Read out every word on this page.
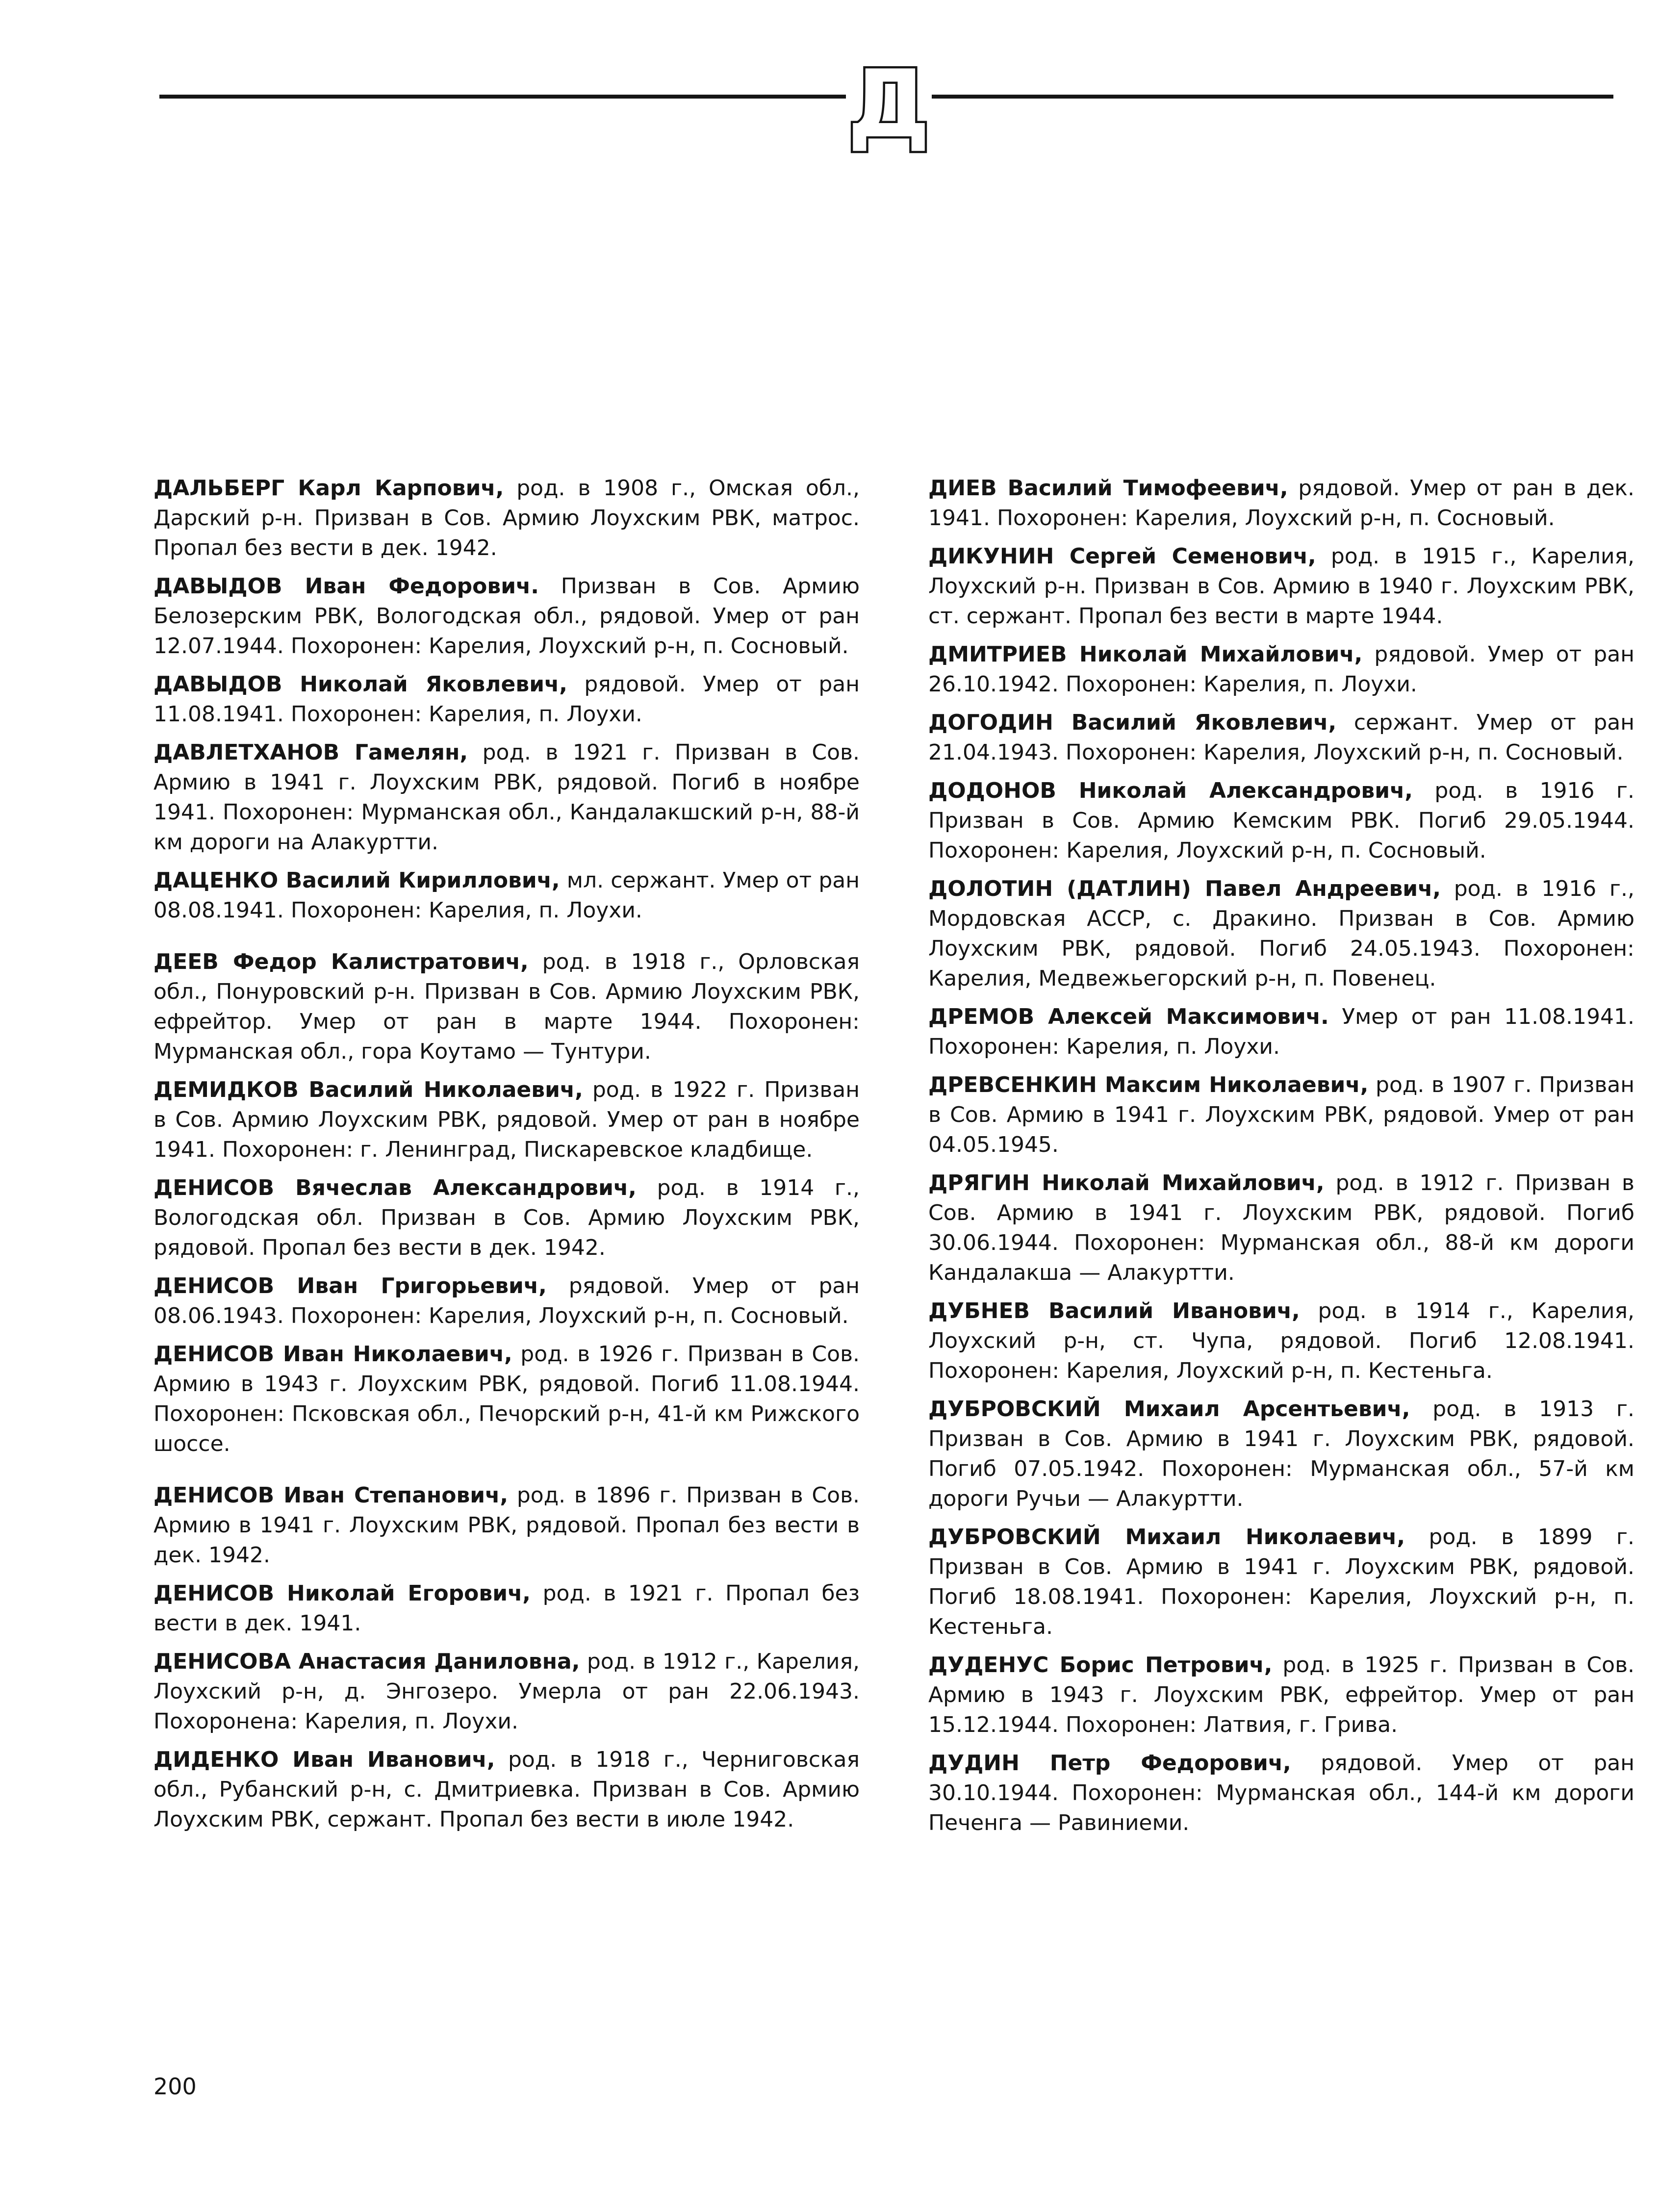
Д

ДАЛЬБЕРГ Карл Карпович, род. в 1908 г., Омская обл., Дарский р-н. Призван в Сов. Армию Лоухским РВК, матрос. Пропал без вести в дек. 1942.

ДАВЫДОВ Иван Федорович. Призван в Сов. Армию Белозерским РВК, Вологодская обл., рядовой. Умер от ран 12.07.1944. Похоронен: Карелия, Лоухский р-н, п. Сосновый.

ДАВЫДОВ Николай Яковлевич, рядовой. Умер от ран 11.08.1941. Похоронен: Карелия, п. Лоухи.

ДАВЛЕТХАНОВ Гамелян, род. в 1921 г. Призван в Сов. Армию в 1941 г. Лоухским РВК, рядовой. Погиб в ноябре 1941. Похоронен: Мурманская обл., Кандалакшский р-н, 88-й км дороги на Алакуртти.

ДАЦЕНКО Василий Кириллович, мл. сержант. Умер от ран 08.08.1941. Похоронен: Карелия, п. Лоухи.

ДЕЕВ Федор Калистратович, род. в 1918 г., Орловская обл., Понуровский р-н. Призван в Сов. Армию Лоухским РВК, ефрейтор. Умер от ран в марте 1944. Похоронен: Мурманская обл., гора Коутамо — Тунтури.

ДЕМИДКОВ Василий Николаевич, род. в 1922 г. Призван в Сов. Армию Лоухским РВК, рядовой. Умер от ран в ноябре 1941. Похоронен: г. Ленинград, Пискаревское кладбище.

ДЕНИСОВ Вячеслав Александрович, род. в 1914 г., Вологодская обл. Призван в Сов. Армию Лоухским РВК, рядовой. Пропал без вести в дек. 1942.

ДЕНИСОВ Иван Григорьевич, рядовой. Умер от ран 08.06.1943. Похоронен: Карелия, Лоухский р-н, п. Сосновый.

ДЕНИСОВ Иван Николаевич, род. в 1926 г. Призван в Сов. Армию в 1943 г. Лоухским РВК, рядовой. Погиб 11.08.1944. Похоронен: Псковская обл., Печорский р-н, 41-й км Рижского шоссе.

ДЕНИСОВ Иван Степанович, род. в 1896 г. Призван в Сов. Армию в 1941 г. Лоухским РВК, рядовой. Пропал без вести в дек. 1942.

ДЕНИСОВ Николай Егорович, род. в 1921 г. Пропал без вести в дек. 1941.

ДЕНИСОВА Анастасия Даниловна, род. в 1912 г., Карелия, Лоухский р-н, д. Энгозеро. Умерла от ран 22.06.1943. Похоронена: Карелия, п. Лоухи.

ДИДЕНКО Иван Иванович, род. в 1918 г., Черниговская обл., Рубанский р-н, с. Дмитриевка. Призван в Сов. Армию Лоухским РВК, сержант. Пропал без вести в июле 1942.

ДИЕВ Василий Тимофеевич, рядовой. Умер от ран в дек. 1941. Похоронен: Карелия, Лоухский р-н, п. Сосновый.

ДИКУНИН Сергей Семенович, род. в 1915 г., Карелия, Лоухский р-н. Призван в Сов. Армию в 1940 г. Лоухским РВК, ст. сержант. Пропал без вести в марте 1944.

ДМИТРИЕВ Николай Михайлович, рядовой. Умер от ран 26.10.1942. Похоронен: Карелия, п. Лоухи.

ДОГОДИН Василий Яковлевич, сержант. Умер от ран 21.04.1943. Похоронен: Карелия, Лоухский р-н, п. Сосновый.

ДОДОНОВ Николай Александрович, род. в 1916 г. Призван в Сов. Армию Кемским РВК. Погиб 29.05.1944. Похоронен: Карелия, Лоухский р-н, п. Сосновый.

ДОЛОТИН (ДАТЛИН) Павел Андреевич, род. в 1916 г., Мордовская АССР, с. Дракино. Призван в Сов. Армию Лоухским РВК, рядовой. Погиб 24.05.1943. Похоронен: Карелия, Медвежьегорский р-н, п. Повенец.

ДРЕМОВ Алексей Максимович. Умер от ран 11.08.1941. Похоронен: Карелия, п. Лоухи.

ДРЕВСЕНКИН Максим Николаевич, род. в 1907 г. Призван в Сов. Армию в 1941 г. Лоухским РВК, рядовой. Умер от ран 04.05.1945.

ДРЯГИН Николай Михайлович, род. в 1912 г. Призван в Сов. Армию в 1941 г. Лоухским РВК, рядовой. Погиб 30.06.1944. Похоронен: Мурманская обл., 88-й км дороги Кандалакша — Алакуртти.

ДУБНЕВ Василий Иванович, род. в 1914 г., Карелия, Лоухский р-н, ст. Чупа, рядовой. Погиб 12.08.1941. Похоронен: Карелия, Лоухский р-н, п. Кестеньга.

ДУБРОВСКИЙ Михаил Арсентьевич, род. в 1913 г. Призван в Сов. Армию в 1941 г. Лоухским РВК, рядовой. Погиб 07.05.1942. Похоронен: Мурманская обл., 57-й км дороги Ручьи — Алакуртти.

ДУБРОВСКИЙ Михаил Николаевич, род. в 1899 г. Призван в Сов. Армию в 1941 г. Лоухским РВК, рядовой. Погиб 18.08.1941. Похоронен: Карелия, Лоухский р-н, п. Кестеньга.

ДУДЕНУС Борис Петрович, род. в 1925 г. Призван в Сов. Армию в 1943 г. Лоухским РВК, ефрейтор. Умер от ран 15.12.1944. Похоронен: Латвия, г. Грива.

ДУДИН Петр Федорович, рядовой. Умер от ран 30.10.1944. Похоронен: Мурманская обл., 144-й км дороги Печенга — Равиниеми.

200
